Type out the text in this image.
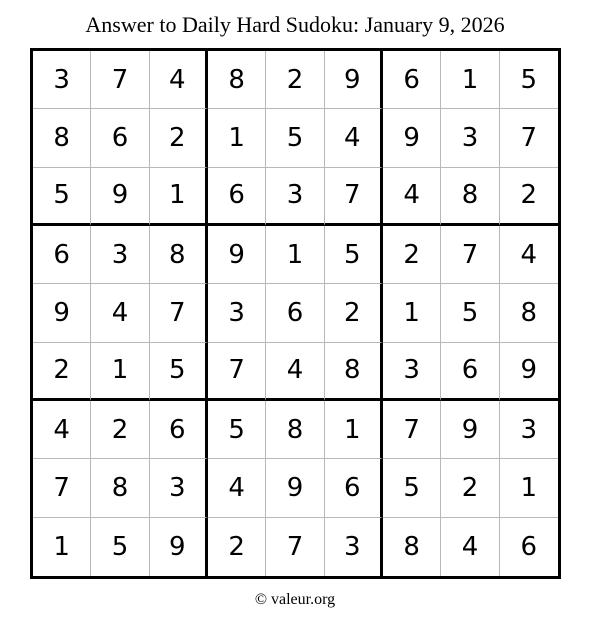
Answer to Daily Hard Sudoku: January 9, 2026
3	7	4	8	2	9	6	1	5
8	6	2	1	5	4	9	3	7
5	9	1	6	3	7	4	8	2
6	3	8	9	1	5	2	7	4
9	4	7	3	6	2	1	5	8
2	1	5	7	4	8	3	6	9
4	2	6	5	8	1	7	9	3
7	8	3	4	9	6	5	2	1
1	5	9	2	7	3	8	4	6
© valeur.org
